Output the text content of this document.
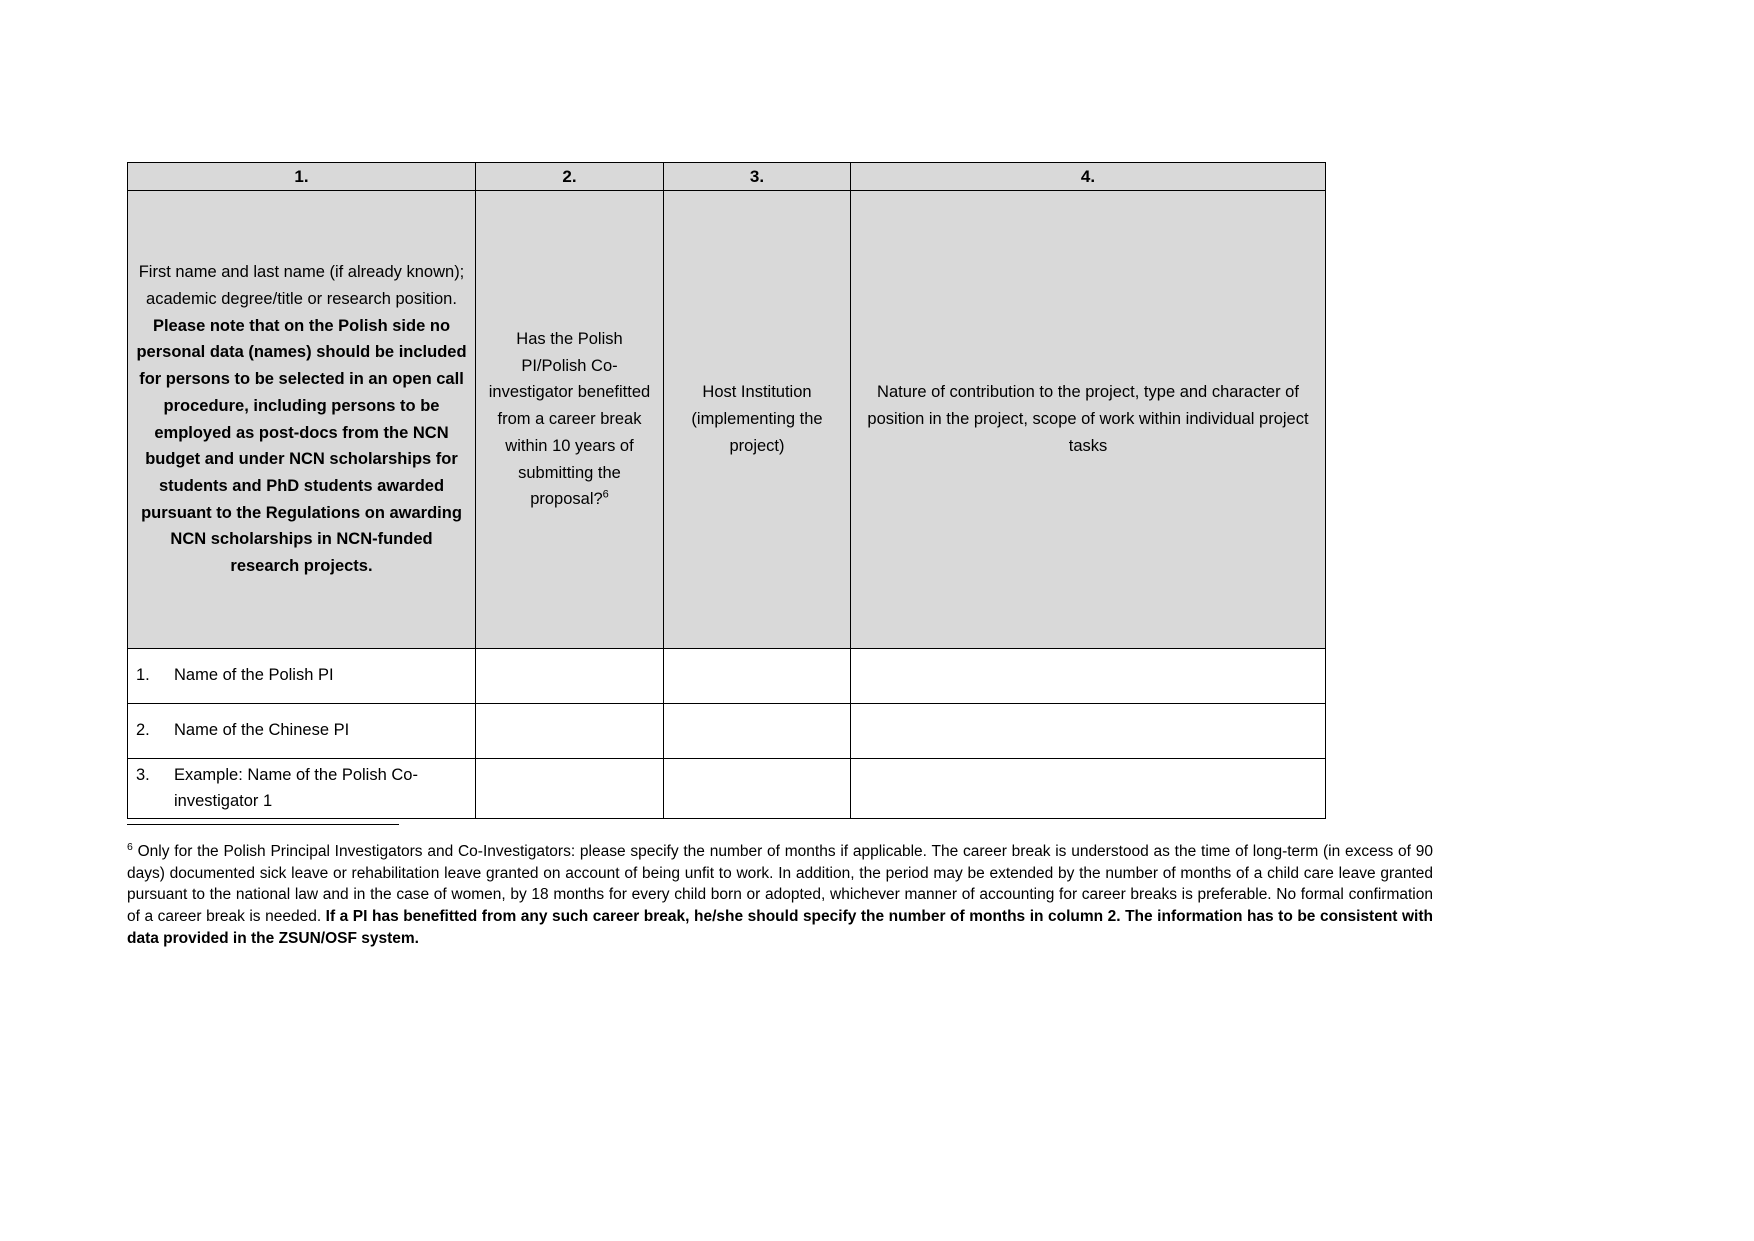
1.	2.	3.	4.

First name and last name (if already known); academic degree/title or research position.
Please note that on the Polish side no personal data (names) should be included for persons to be selected in an open call procedure, including persons to be employed as post-docs from the NCN budget and under NCN scholarships for students and PhD students awarded pursuant to the Regulations on awarding NCN scholarships in NCN-funded research projects.	Has the Polish PI/Polish Co-investigator benefitted from a career break within 10 years of submitting the proposal?$^6$	Host Institution (implementing the project)	Nature of contribution to the project, type and character of position in the project, scope of work within individual project tasks

1. Name of the Polish PI			

2. Name of the Chinese PI			

3. Example: Name of the Polish Co-investigator 1			

$^6$ Only for the Polish Principal Investigators and Co-Investigators: please specify the number of months if applicable. The career break is understood as the time of long-term (in excess of 90 days) documented sick leave or rehabilitation leave granted on account of being unfit to work. In addition, the period may be extended by the number of months of a child care leave granted pursuant to the national law and in the case of women, by 18 months for every child born or adopted, whichever manner of accounting for career breaks is preferable. No formal confirmation of a career break is needed. If a PI has benefitted from any such career break, he/she should specify the number of months in column 2. The information has to be consistent with data provided in the ZSUN/OSF system.
